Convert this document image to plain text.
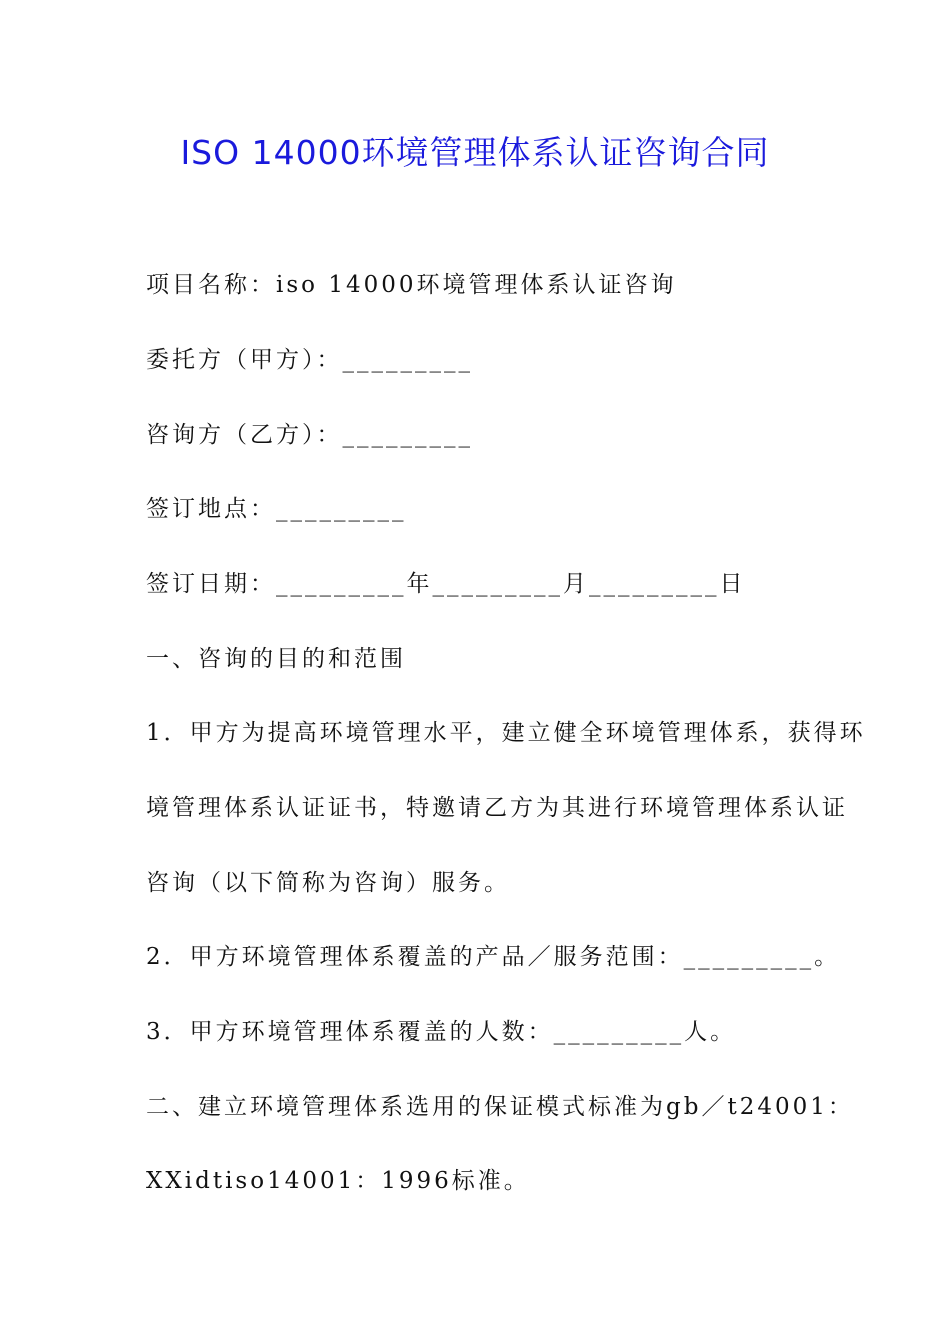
ISO 14000环境管理体系认证咨询合同
项目名称：iso 14000环境管理体系认证咨询
委托方（甲方）：_________
咨询方（乙方）：_________
签订地点：_________
签订日期：_________年_________月_________日
一、咨询的目的和范围
1．甲方为提高环境管理水平，建立健全环境管理体系，获得环
境管理体系认证证书，特邀请乙方为其进行环境管理体系认证
咨询（以下简称为咨询）服务。
2．甲方环境管理体系覆盖的产品／服务范围：_________。
3．甲方环境管理体系覆盖的人数：_________人。
二、建立环境管理体系选用的保证模式标准为gb／t24001：
XXidtiso14001：1996标准。
